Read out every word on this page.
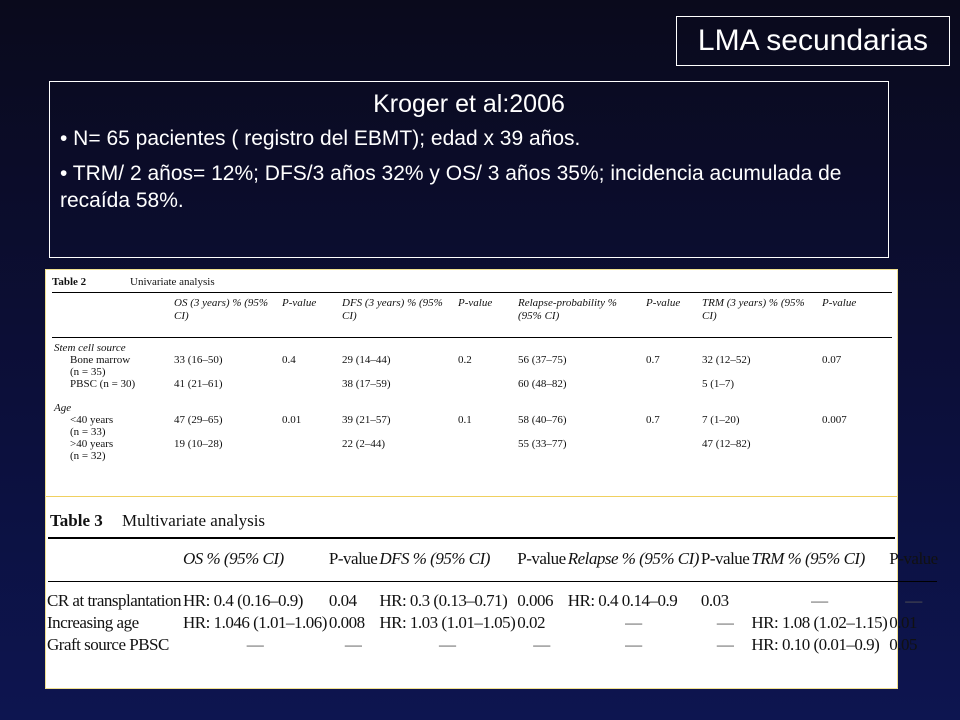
LMA secundarias

Kroger et al:2006

• N= 65 pacientes ( registro del EBMT); edad x 39 años.

• TRM/ 2 años= 12%; DFS/3 años 32% y OS/ 3 años 35%; incidencia acumulada de recaída 58%.

Table 2	Univariate analysis
	OS (3 years) % (95% CI)	P-value	DFS (3 years) % (95% CI)	P-value	Relapse-probability % (95% CI)	P-value	TRM (3 years) % (95% CI)	P-value

Stem cell source								
Bone marrow	33 (16–50)	0.4	29 (14–44)	0.2	56 (37–75)	0.7	32 (12–52)	0.07
(n = 35)								
PBSC (n = 30)	41 (21–61)		38 (17–59)		60 (48–82)		5 (1–7)	
Age								
<40 years	47 (29–65)	0.01	39 (21–57)	0.1	58 (40–76)	0.7	7 (1–20)	0.007
(n = 33)								
>40 years	19 (10–28)		22 (2–44)		55 (33–77)		47 (12–82)	
(n = 32)								
Table 3 Multivariate analysis
	OS % (95% CI)	P-value	DFS % (95% CI)	P-value	Relapse % (95% CI)	P-value	TRM % (95% CI)	P-value

CR at transplantation	HR: 0.4 (0.16–0.9)	0.04	HR: 0.3 (0.13–0.71)	0.006	HR: 0.4 0.14–0.9	0.03	—	—
Increasing age	HR: 1.046 (1.01–1.06)	0.008	HR: 1.03 (1.01–1.05)	0.02	—	—	HR: 1.08 (1.02–1.15)	0.01
Graft source PBSC	—	—	—	—	—	—	HR: 0.10 (0.01–0.9)	0.05
